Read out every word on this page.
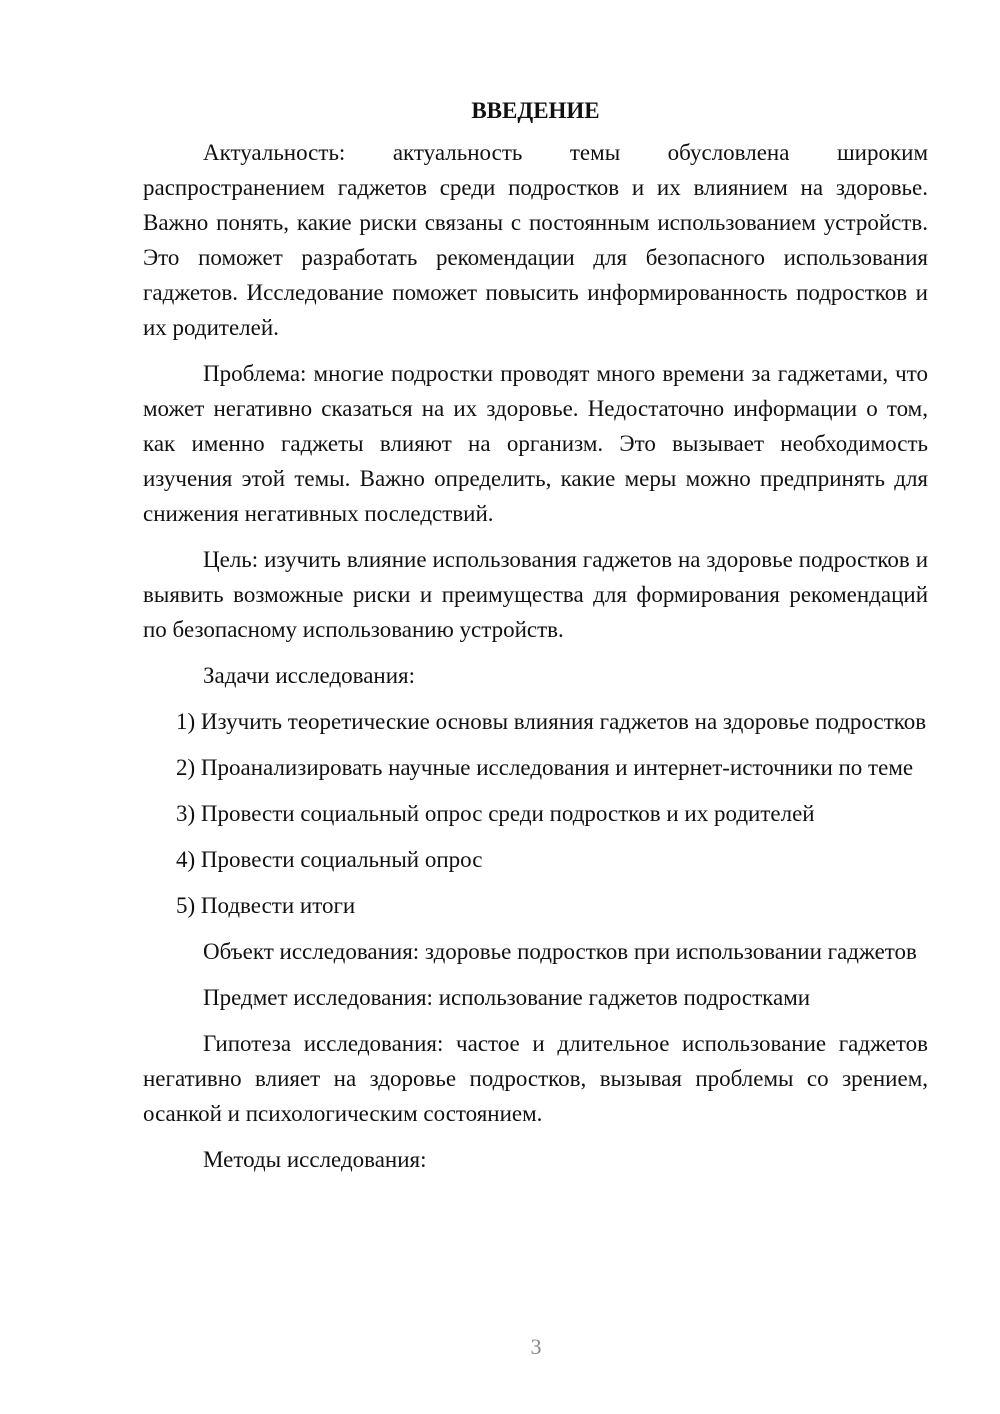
ВВЕДЕНИЕ

Актуальность: актуальность темы обусловлена широким распространением гаджетов среди подростков и их влиянием на здоровье. Важно понять, какие риски связаны с постоянным использованием устройств. Это поможет разработать рекомендации для безопасного использования гаджетов. Исследование поможет повысить информированность подростков и их родителей.

Проблема: многие подростки проводят много времени за гаджетами, что может негативно сказаться на их здоровье. Недостаточно информации о том, как именно гаджеты влияют на организм. Это вызывает необходимость изучения этой темы. Важно определить, какие меры можно предпринять для снижения негативных последствий.

Цель: изучить влияние использования гаджетов на здоровье подростков и выявить возможные риски и преимущества для формирования рекомендаций по безопасному использованию устройств.

Задачи исследования:

1) Изучить теоретические основы влияния гаджетов на здоровье подростков

2) Проанализировать научные исследования и интернет-источники по теме

3) Провести социальный опрос среди подростков и их родителей

4) Провести социальный опрос

5) Подвести итоги

Объект исследования: здоровье подростков при использовании гаджетов

Предмет исследования: использование гаджетов подростками

Гипотеза исследования: частое и длительное использование гаджетов негативно влияет на здоровье подростков, вызывая проблемы со зрением, осанкой и психологическим состоянием.

Методы исследования:

3
